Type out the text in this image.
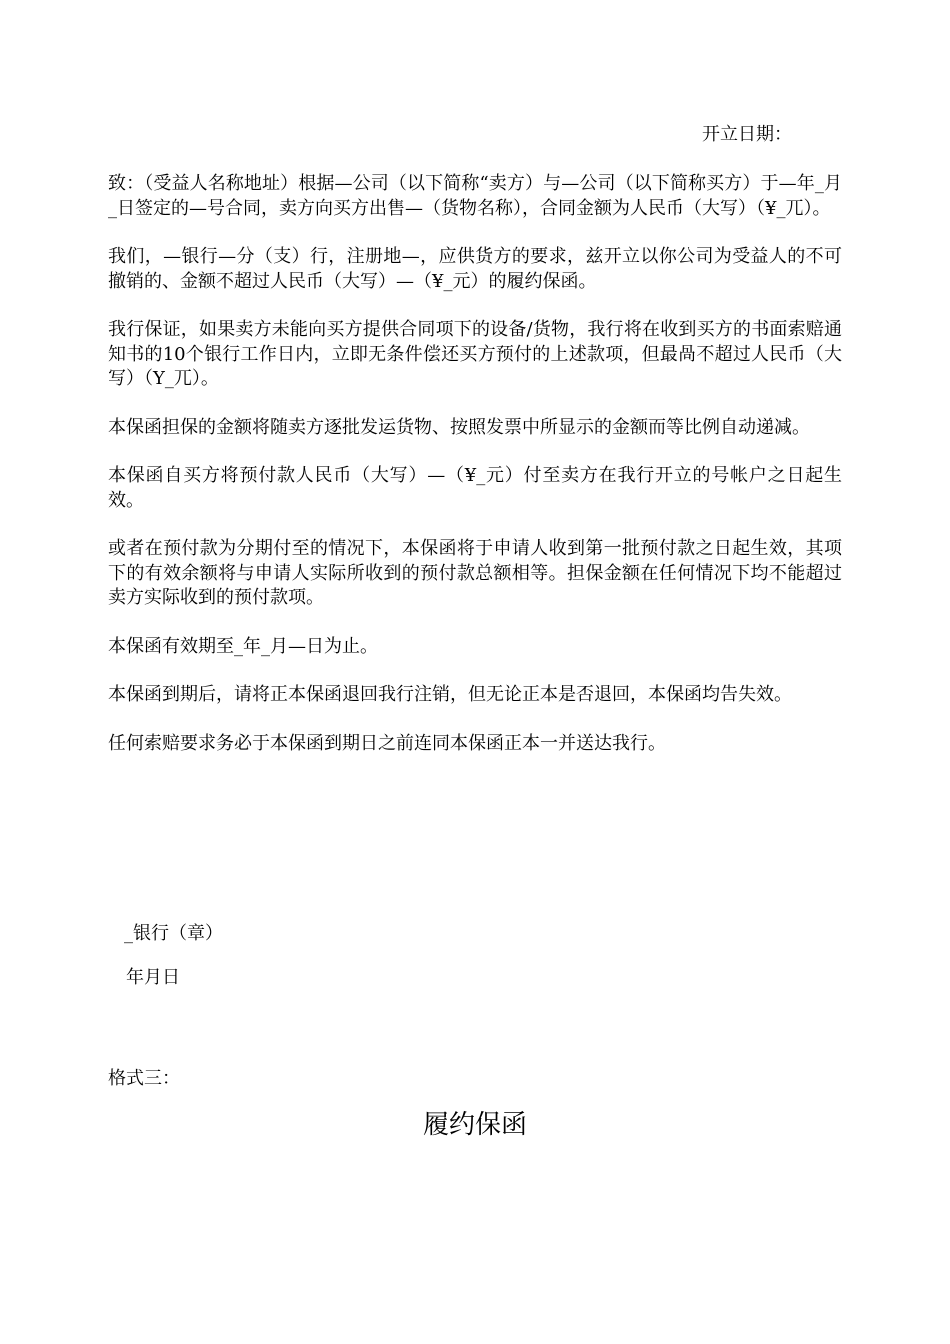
开立日期：

致：（受益人名称地址）根据—公司（以下简称“卖方）与—公司（以下简称买方）于—年_月_日签定的—号合同，卖方向买方出售—（货物名称），合同金额为人民币（大写）（¥_兀）。

我们，—银行—分（支）行，注册地—，应供货方的要求，兹开立以你公司为受益人的不可撤销的、金额不超过人民币（大写）—（¥_元）的履约保函。

我行保证，如果卖方未能向买方提供合同项下的设备/货物，我行将在收到买方的书面索赔通知书的10个银行工作日内，立即无条件偿还买方预付的上述款项，但最咼不超过人民币（大写）（Y_兀）。

本保函担保的金额将随卖方逐批发运货物、按照发票中所显示的金额而等比例自动递减。

本保函自买方将预付款人民币（大写）—（¥_元）付至卖方在我行开立的号帐户之日起生效。

或者在预付款为分期付至的情况下，本保函将于申请人收到第一批预付款之日起生效，其项下的有效余额将与申请人实际所收到的预付款总额相等。担保金额在任何情况下均不能超过卖方实际收到的预付款项。

本保函有效期至_年_月—日为止。

本保函到期后，请将正本保函退回我行注销，但无论正本是否退回，本保函均告失效。

任何索赔要求务必于本保函到期日之前连同本保函正本一并送达我行。

_银行（章）
年月日
格式三：
履约保函
